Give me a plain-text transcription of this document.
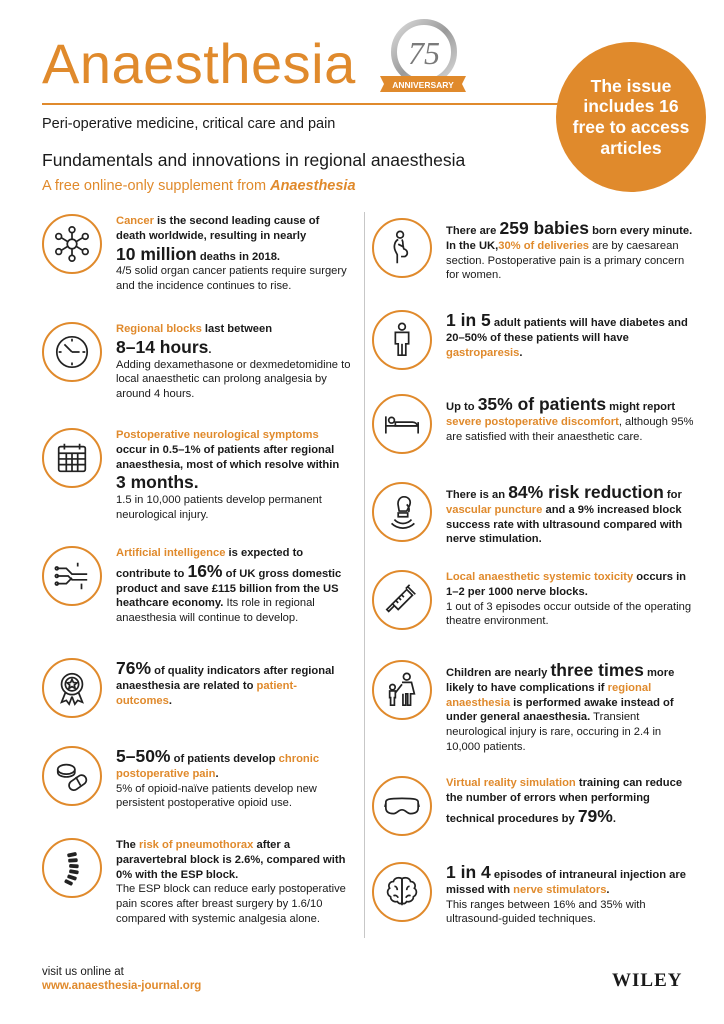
Anaesthesia 75
ANNIVERSARY
Peri-operative medicine, critical care and pain
The issue includes 16 free to access articles
Fundamentals and innovations in regional anaesthesia
A free online-only supplement from Anaesthesia
Cancer is the second leading cause of death worldwide, resulting in nearly
10 million deaths in 2018.
4/5 solid organ cancer patients require surgery and the incidence continues to rise.
Regional blocks last between
8–14 hours.
Adding dexamethasone or dexmedetomidine to local anaesthetic can prolong analgesia by around 4 hours.
Postoperative neurological symptoms occur in 0.5–1% of patients after regional anaesthesia, most of which resolve within
3 months.
1.5 in 10,000 patients develop permanent neurological injury.
Artificial intelligence is expected to contribute to 16% of UK gross domestic product and save £115 billion from the US heathcare economy. Its role in regional anaesthesia will continue to develop.
76% of quality indicators after regional anaesthesia are related to patient-outcomes.
5–50% of patients develop chronic postoperative pain.
5% of opioid-naïve patients develop new persistent postoperative opioid use.
The risk of pneumothorax after a paravertebral block is 2.6%, compared with 0% with the ESP block.
The ESP block can reduce early postoperative pain scores after breast surgery by 1.6/10 compared with systemic analgesia alone.
There are 259 babies born every minute. In the UK,30% of deliveries are by caesarean section. Postoperative pain is a primary concern for women.
1 in 5 adult patients will have diabetes and 20–50% of these patients will have gastroparesis.
Up to 35% of patients might report severe postoperative discomfort, although 95% are satisfied with their anaesthetic care.
There is an 84% risk reduction for vascular puncture and a 9% increased block success rate with ultrasound compared with nerve stimulation.
Local anaesthetic systemic toxicity occurs in 1–2 per 1000 nerve blocks.
1 out of 3 episodes occur outside of the operating theatre environment.
Children are nearly three times more likely to have complications if regional anaesthesia is performed awake instead of under general anaesthesia. Transient neurological injury is rare, occuring in 2.4 in 10,000 patients.
Virtual reality simulation training can reduce the number of errors when performing technical procedures by 79%.
1 in 4 episodes of intraneural injection are missed with nerve stimulators.
This ranges between 16% and 35% with ultrasound-guided techniques.
visit us online at
www.anaesthesia-journal.org	WILEY
